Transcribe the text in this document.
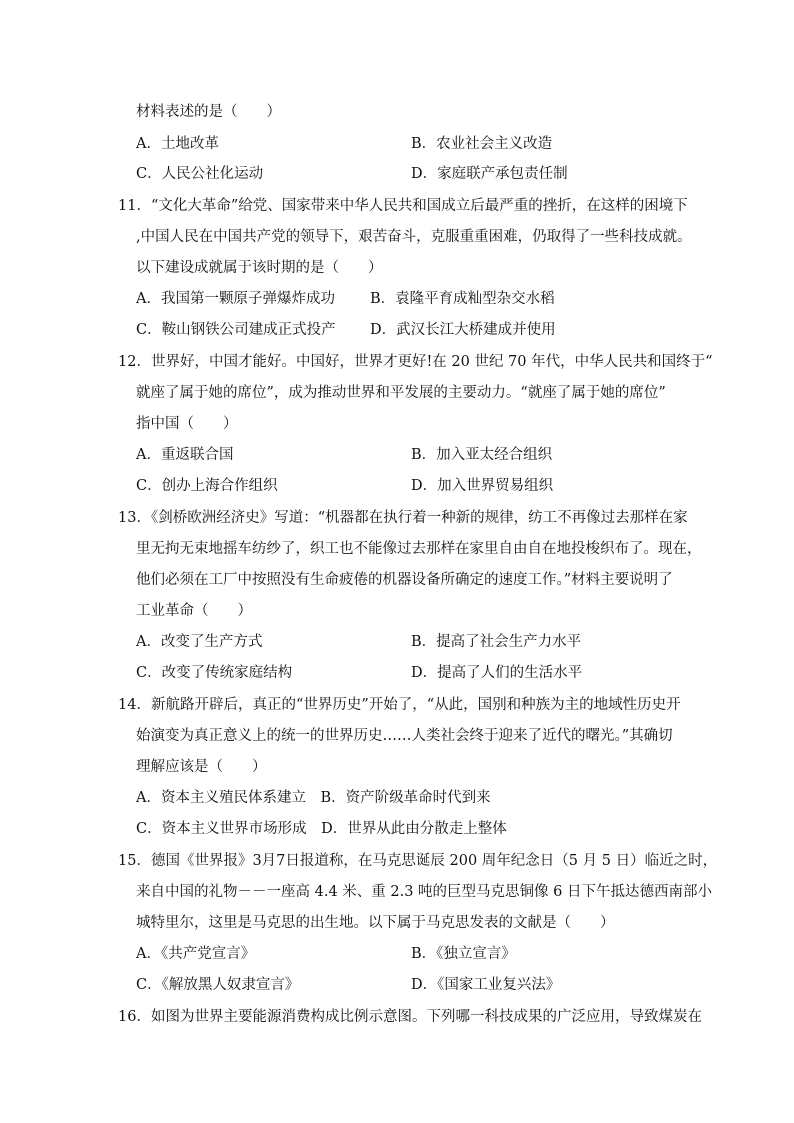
材料表述的是（　　）
A．土地改革	B．农业社会主义改造
C．人民公社化运动	D．家庭联产承包责任制
11．“文化大革命”给党、国家带来中华人民共和国成立后最严重的挫折，在这样的困境下
,中国人民在中国共产党的领导下，艰苦奋斗，克服重重困难，仍取得了一些科技成就。
以下建设成就属于该时期的是（　　）
A．我国第一颗原子弹爆炸成功 B．袁隆平育成籼型杂交水稻
C．鞍山钢铁公司建成正式投产 D．武汉长江大桥建成并使用
12．世界好，中国才能好。中国好，世界才更好!在 20 世纪 70 年代，中华人民共和国终于“
就座了属于她的席位”，成为推动世界和平发展的主要动力。“就座了属于她的席位”
指中国（　　）
A．重返联合国	B．加入亚太经合组织
C．创办上海合作组织	D．加入世界贸易组织
13．《剑桥欧洲经济史》写道：“机器都在执行着一种新的规律，纺工不再像过去那样在家
里无拘无束地摇车纺纱了，织工也不能像过去那样在家里自由自在地投梭织布了。现在，
他们必须在工厂中按照没有生命疲倦的机器设备所确定的速度工作。”材料主要说明了
工业革命（　　）
A．改变了生产方式	B．提高了社会生产力水平
C．改变了传统家庭结构	D．提高了人们的生活水平
14．新航路开辟后，真正的“世界历史”开始了，“从此，国别和种族为主的地域性历史开
始演变为真正意义上的统一的世界历史……人类社会终于迎来了近代的曙光。”其确切
理解应该是（　　）
A．资本主义殖民体系建立　B．资产阶级革命时代到来
C．资本主义世界市场形成　D．世界从此由分散走上整体
15．德国《世界报》3月7日报道称，在马克思诞辰 200 周年纪念日（5 月 5 日）临近之时，
来自中国的礼物－－一座高 4.4 米、重 2.3 吨的巨型马克思铜像 6 日下午抵达德西南部小
城特里尔，这里是马克思的出生地。以下属于马克思发表的文献是（　　）
A．《共产党宣言》	B．《独立宣言》
C．《解放黑人奴隶宣言》	D．《国家工业复兴法》
16．如图为世界主要能源消费构成比例示意图。下列哪一科技成果的广泛应用，导致煤炭在
